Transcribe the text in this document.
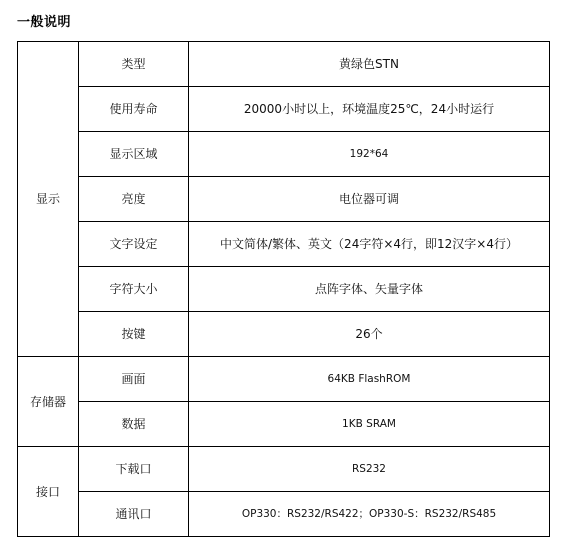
一般说明
显示	类型	黄绿色STN
	使用寿命	20000小时以上，环境温度25℃，24小时运行
	显示区域	192*64
	亮度	电位器可调
	文字设定	中文简体/繁体、英文（24字符×4行，即12汉字×4行）
	字符大小	点阵字体、矢量字体
	按键	26个
存储器	画面	64KB FlashROM
	数据	1KB SRAM
接口	下载口	RS232
	通讯口	OP330：RS232/RS422；OP330-S：RS232/RS485
